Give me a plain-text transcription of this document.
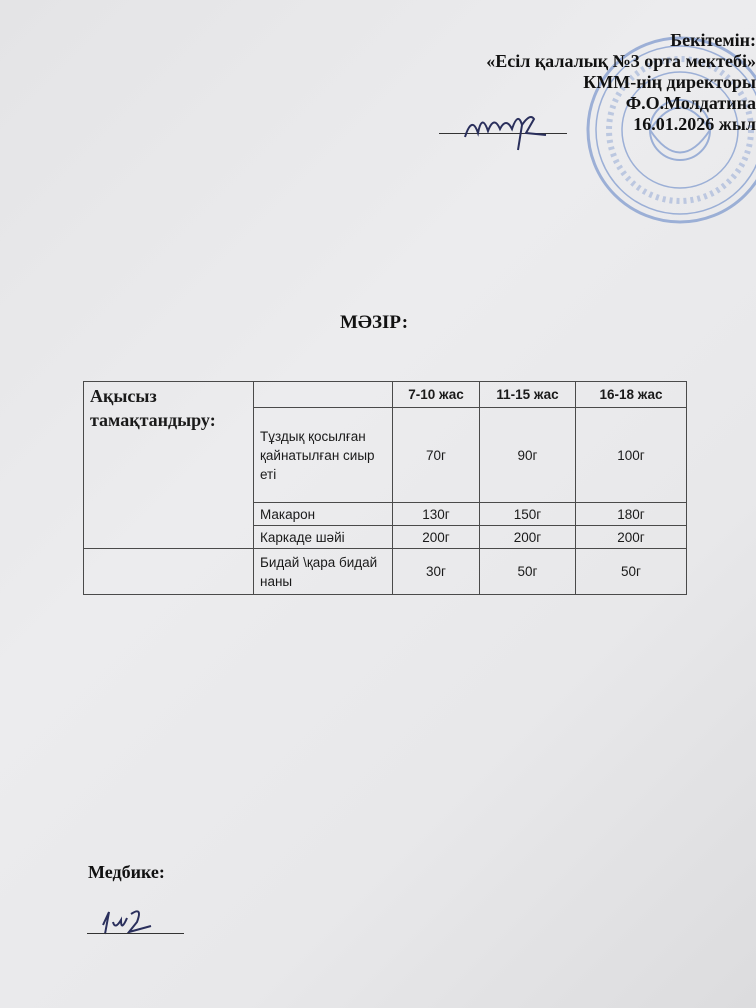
Бекітемін:
«Есіл қалалық №3 орта мектебі»
КММ-нің директоры
Ф.О.Молдатина
16.01.2026 жыл
МӘЗІР:
Ақысыз тамақтандыру:		7-10 жас	11-15 жас	16-18 жас
	Тұздық қосылған қайнатылған сиыр еті	70г	90г	100г
	Макарон	130г	150г	180г
	Каркаде шәйі	200г	200г	200г
	Бидай \қара бидай наны	30г	50г	50г
Медбике:
